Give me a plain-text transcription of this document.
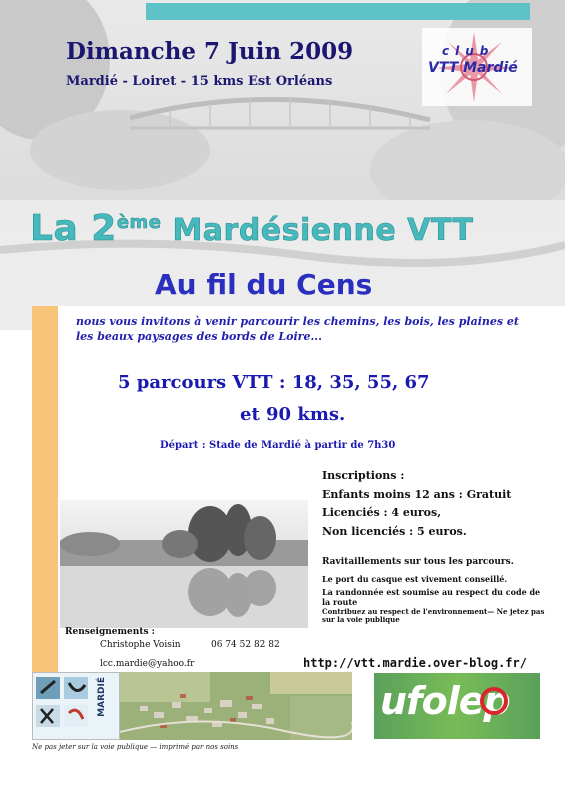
Dimanche 7 Juin 2009
Mardié - Loiret - 15 kms Est Orléans
club
VTT Mardié
La 2ème Mardésienne VTT
Au fil du Cens
nous vous invitons à venir parcourir les chemins, les bois, les plaines et les beaux paysages des bords de Loire...
5 parcours VTT : 18, 35, 55, 67
et 90 kms.
Départ : Stade de Mardié à partir de 7h30
Inscriptions :
Enfants moins 12 ans : Gratuit
Licenciés : 4 euros,
Non licenciés : 5 euros.
Ravitaillements sur tous les parcours.
Le port du casque est vivement conseillé.
La randonnée est soumise au respect du code de la route
Contribuez au respect de l'environnement— Ne jetez pas sur la voie publique
Renseignements :
Christophe Voisin	06 74 52 82 82
lcc.mardie@yahoo.fr	http://vtt.mardie.over-blog.fr/
MARDIÉ	ufolep
Ne pas jeter sur la voie publique — imprimé par nos soins
